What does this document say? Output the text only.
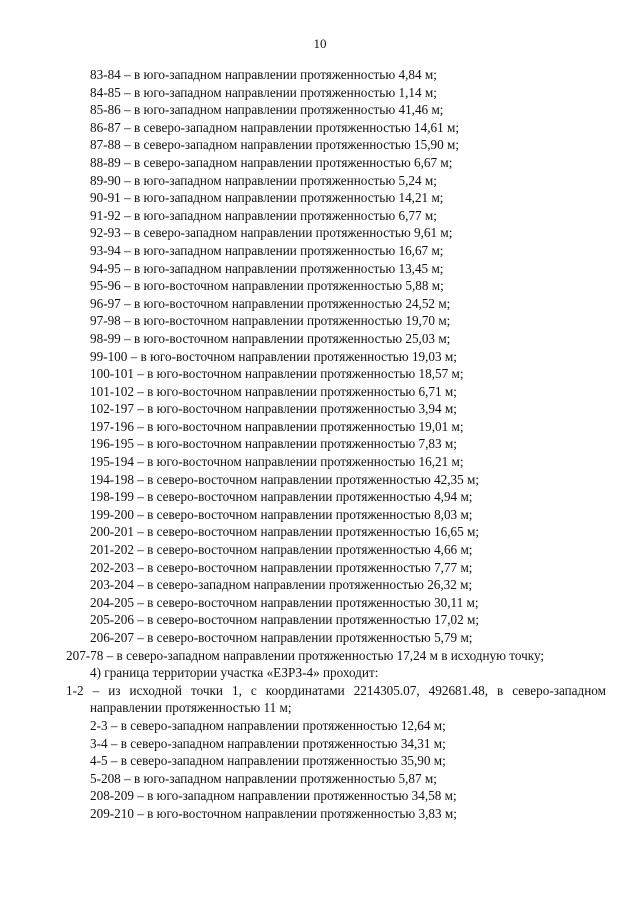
10
83-84 – в юго-западном направлении протяженностью 4,84 м;
84-85 – в юго-западном направлении протяженностью 1,14 м;
85-86 – в юго-западном направлении протяженностью 41,46 м;
86-87 – в северо-западном направлении протяженностью 14,61 м;
87-88 – в северо-западном направлении протяженностью 15,90 м;
88-89 – в северо-западном направлении протяженностью 6,67 м;
89-90 – в юго-западном направлении протяженностью 5,24 м;
90-91 – в юго-западном направлении протяженностью 14,21 м;
91-92 – в юго-западном направлении протяженностью 6,77 м;
92-93 – в северо-западном направлении протяженностью 9,61 м;
93-94 – в юго-западном направлении протяженностью 16,67 м;
94-95 – в юго-западном направлении протяженностью 13,45 м;
95-96 – в юго-восточном направлении протяженностью 5,88 м;
96-97 – в юго-восточном направлении протяженностью 24,52 м;
97-98 – в юго-восточном направлении протяженностью 19,70 м;
98-99 – в юго-восточном направлении протяженностью 25,03 м;
99-100 – в юго-восточном направлении протяженностью 19,03 м;
100-101 – в юго-восточном направлении протяженностью 18,57 м;
101-102 – в юго-восточном направлении протяженностью 6,71 м;
102-197 – в юго-восточном направлении протяженностью 3,94 м;
197-196 – в юго-восточном направлении протяженностью 19,01 м;
196-195 – в юго-восточном направлении протяженностью 7,83 м;
195-194 – в юго-восточном направлении протяженностью 16,21 м;
194-198 – в северо-восточном направлении протяженностью 42,35 м;
198-199 – в северо-восточном направлении протяженностью 4,94 м;
199-200 – в северо-восточном направлении протяженностью 8,03 м;
200-201 – в северо-восточном направлении протяженностью 16,65 м;
201-202 – в северо-восточном направлении протяженностью 4,66 м;
202-203 – в северо-восточном направлении протяженностью 7,77 м;
203-204 – в северо-западном направлении протяженностью 26,32 м;
204-205 – в северо-восточном направлении протяженностью 30,11 м;
205-206 – в северо-восточном направлении протяженностью 17,02 м;
206-207 – в северо-восточном направлении протяженностью 5,79 м;
207-78 – в северо-западном направлении протяженностью 17,24 м в исходную точку;
4) граница территории участка «ЕЗРЗ-4» проходит:
1-2 – из исходной точки 1, с координатами 2214305.07, 492681.48, в северо-западном направлении протяженностью 11 м;
2-3 – в северо-западном направлении протяженностью 12,64 м;
3-4 – в северо-западном направлении протяженностью 34,31 м;
4-5 – в северо-западном направлении протяженностью 35,90 м;
5-208 – в юго-западном направлении протяженностью 5,87 м;
208-209 – в юго-западном направлении протяженностью 34,58 м;
209-210 – в юго-восточном направлении протяженностью 3,83 м;
